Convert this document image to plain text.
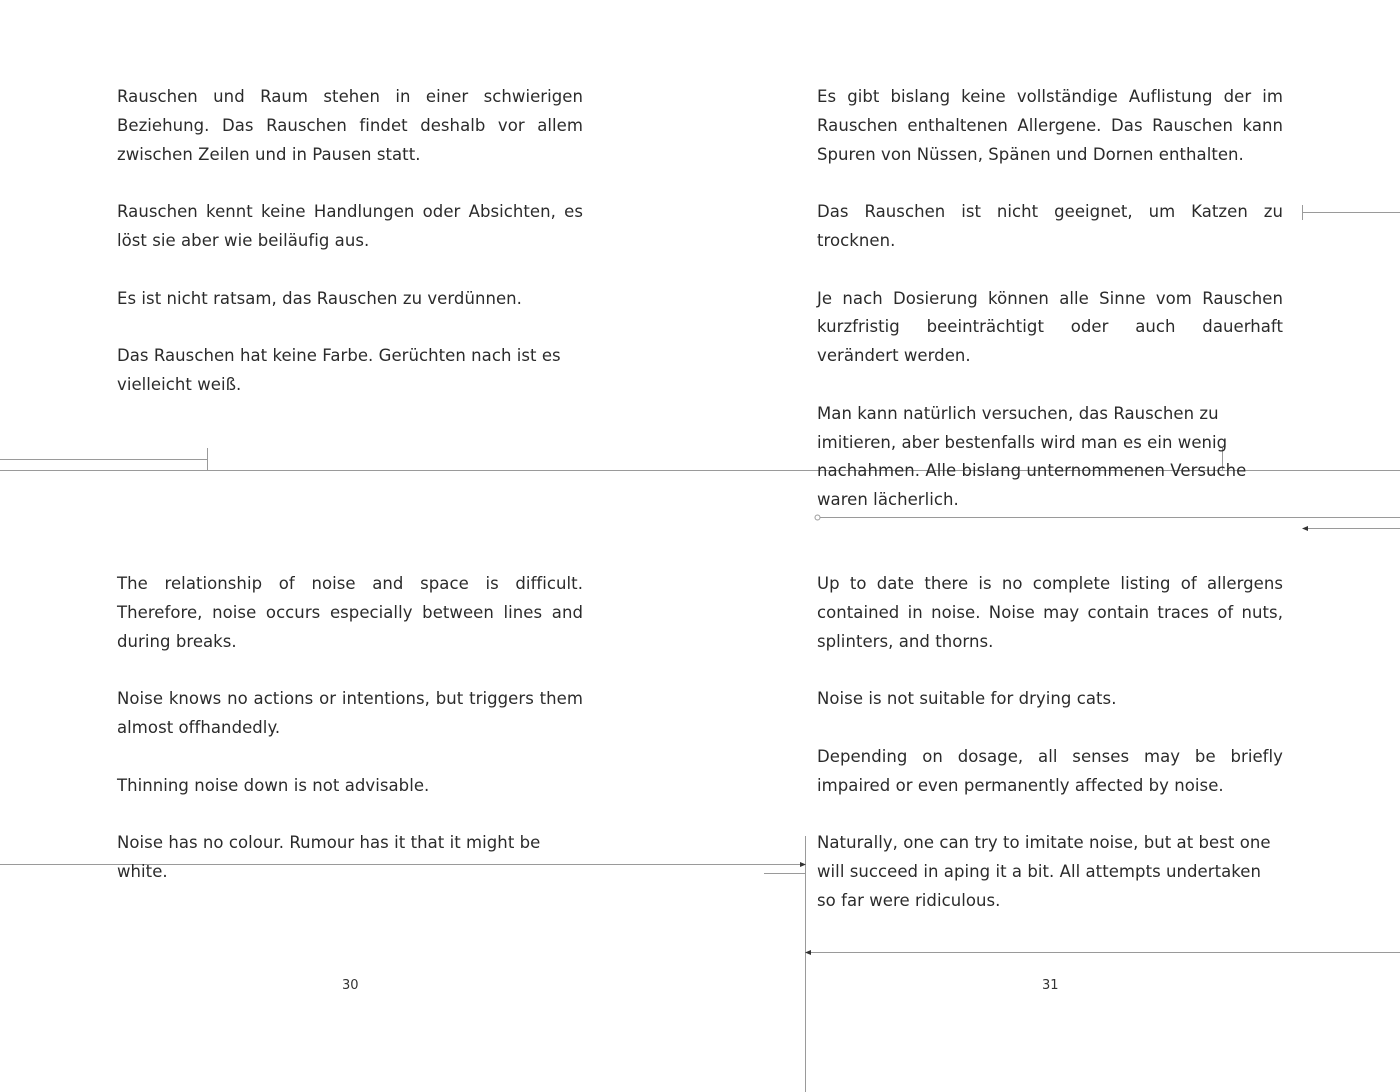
Rauschen und Raum stehen in einer schwierigen Beziehung. Das Rauschen findet deshalb vor allem zwischen Zeilen und in Pausen statt.

Rauschen kennt keine Handlungen oder Absichten, es löst sie aber wie beiläufig aus.

Es ist nicht ratsam, das Rauschen zu verdünnen.

Das Rauschen hat keine Farbe. Gerüchten nach ist es vielleicht weiß.

Es gibt bislang keine vollständige Auflistung der im Rauschen enthaltenen Allergene. Das Rauschen kann Spuren von Nüssen, Spänen und Dornen enthalten.

Das Rauschen ist nicht geeignet, um Katzen zu trocknen.

Je nach Dosierung können alle Sinne vom Rauschen kurzfristig beeinträchtigt oder auch dauerhaft verändert werden.

Man kann natürlich versuchen, das Rauschen zu imitieren, aber bestenfalls wird man es ein wenig nachahmen. Alle bislang unternommenen Versuche waren lächerlich.

The relationship of noise and space is difficult. Therefore, noise occurs especially between lines and during breaks.

Noise knows no actions or intentions, but triggers them almost offhandedly.

Thinning noise down is not advisable.

Noise has no colour. Rumour has it that it might be white.

Up to date there is no complete listing of allergens contained in noise. Noise may contain traces of nuts, splinters, and thorns.

Noise is not suitable for drying cats.

Depending on dosage, all senses may be briefly impaired or even permanently affected by noise.

Naturally, one can try to imitate noise, but at best one will succeed in aping it a bit. All attempts undertaken so far were ridiculous.

30	31
